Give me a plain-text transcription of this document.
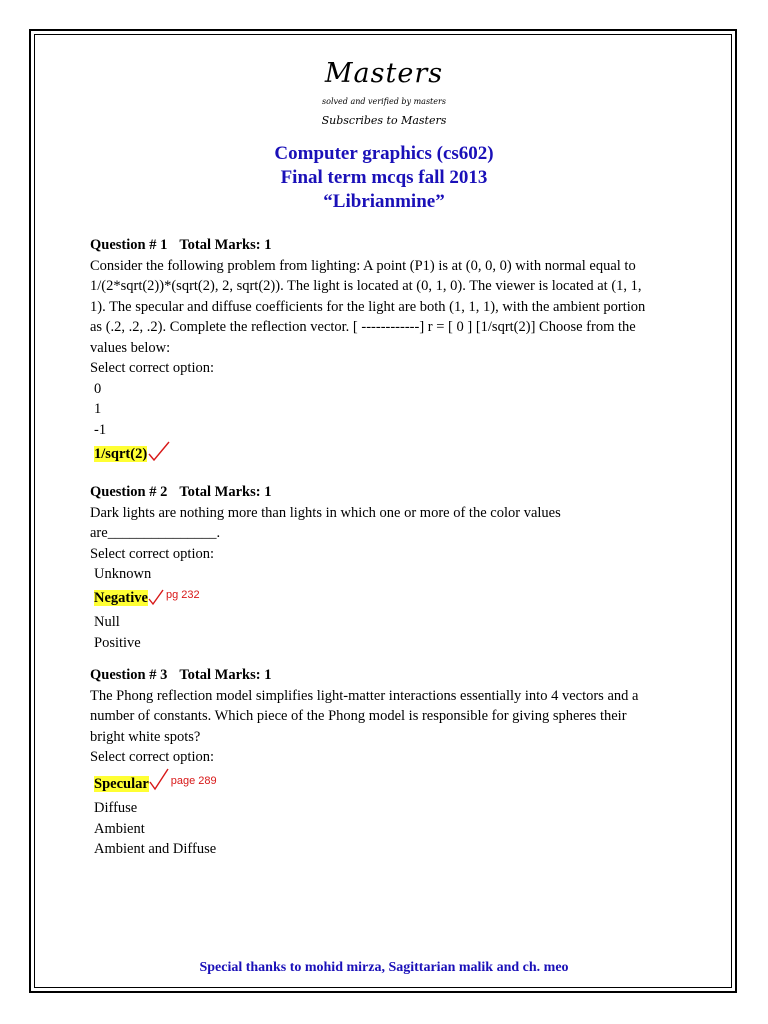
Masters
solved and verified by masters
Subscribes to Masters
Computer graphics (cs602)
Final term mcqs fall 2013
“Librianmine”
Question # 1 Total Marks: 1
Consider the following problem from lighting: A point (P1) is at (0, 0, 0) with normal equal to
1/(2*sqrt(2))*(sqrt(2), 2, sqrt(2)). The light is located at (0, 1, 0). The viewer is located at (1, 1,
1). The specular and diffuse coefficients for the light are both (1, 1, 1), with the ambient portion
as (.2, .2, .2). Complete the reflection vector. [ ------------] r = [ 0 ] [1/sqrt(2)] Choose from the
values below:
Select correct option:
0
1
-1
1/sqrt(2)
Question # 2 Total Marks: 1
Dark lights are nothing more than lights in which one or more of the color values
are_______________.
Select correct option:
Unknown
Negative $^{pg 232}$
Null
Positive
Question # 3 Total Marks: 1
The Phong reflection model simplifies light-matter interactions essentially into 4 vectors and a
number of constants. Which piece of the Phong model is responsible for giving spheres their
bright white spots?
Select correct option:
Specular $^{page 289}$
Diffuse
Ambient
Ambient and Diffuse
Special thanks to mohid mirza, Sagittarian malik and ch. meo
